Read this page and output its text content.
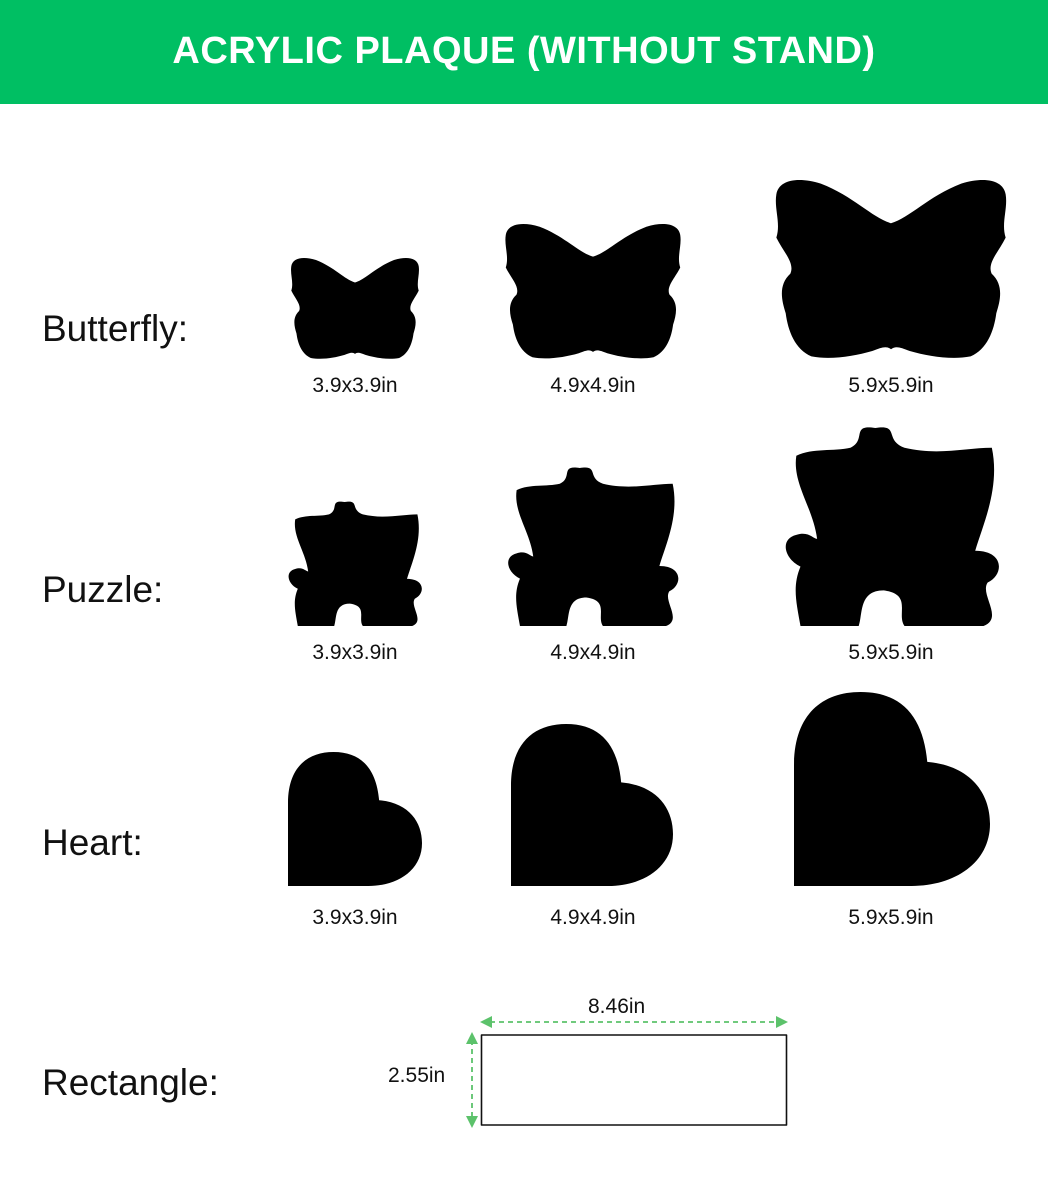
ACRYLIC PLAQUE (WITHOUT STAND)
Butterfly:
3.9x3.9in	4.9x4.9in	5.9x5.9in
Puzzle:
3.9x3.9in	4.9x4.9in	5.9x5.9in
Heart:
3.9x3.9in	4.9x4.9in	5.9x5.9in
Rectangle:
8.46in
2.55in
